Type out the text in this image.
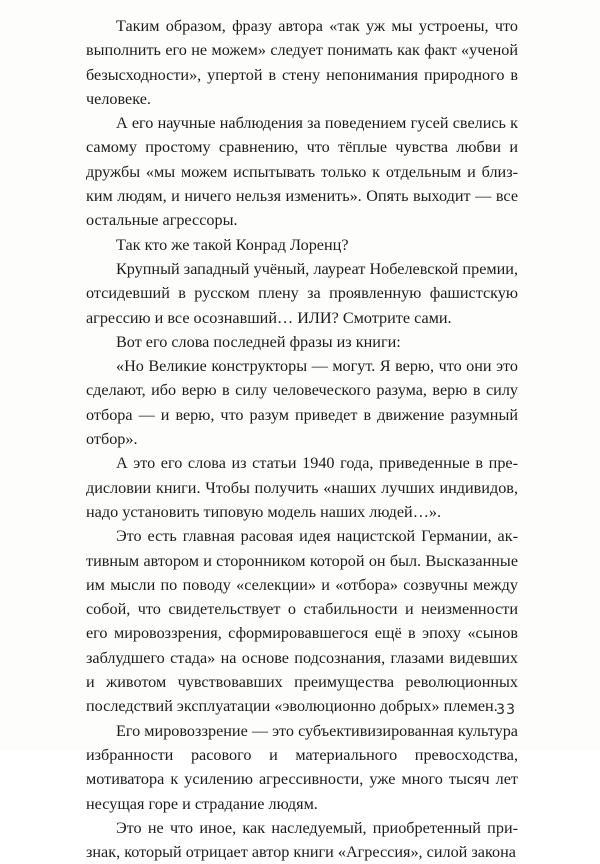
Таким образом, фразу автора «так уж мы устроены, что выполнить его не можем» следует понимать как факт «ученой безысходности», упертой в стену непонимания природного в человеке.

А его научные наблюдения за поведением гусей свелись к самому простому сравнению, что тёплые чувства любви и дружбы «мы можем испытывать только к отдельным и близким людям, и ничего нельзя изменить». Опять выходит — все остальные агрессоры.

Так кто же такой Конрад Лоренц?

Крупный западный учёный, лауреат Нобелевской премии, отсидевший в русском плену за проявленную фашистскую агрессию и все осознавший… ИЛИ? Смотрите сами.

Вот его слова последней фразы из книги:

«Но Великие конструкторы — могут. Я верю, что они это сделают, ибо верю в силу человеческого разума, верю в силу отбора — и верю, что разум приведет в движение разумный отбор».

А это его слова из статьи 1940 года, приведенные в предисловии книги. Чтобы получить «наших лучших индивидов, надо установить типовую модель наших людей…».

Это есть главная расовая идея нацистской Германии, активным автором и сторонником которой он был. Высказанные им мысли по поводу «селекции» и «отбора» созвучны между собой, что свидетельствует о стабильности и неизменности его мировоззрения, сформировавшегося ещё в эпоху «сынов заблудшего стада» на основе подсознания, глазами видевших и животом чувствовавших преимущества революционных последствий эксплуатации «эволюционно добрых» племен.

Его мировоззрение — это субъективизированная культура избранности расового и материального превосходства, мотиватора к усилению агрессивности, уже много тысяч лет несущая горе и страдание людям.

Это не что иное, как наследуемый, приобретенный признак, который отрицает автор книги «Агрессия», силой закона

33
